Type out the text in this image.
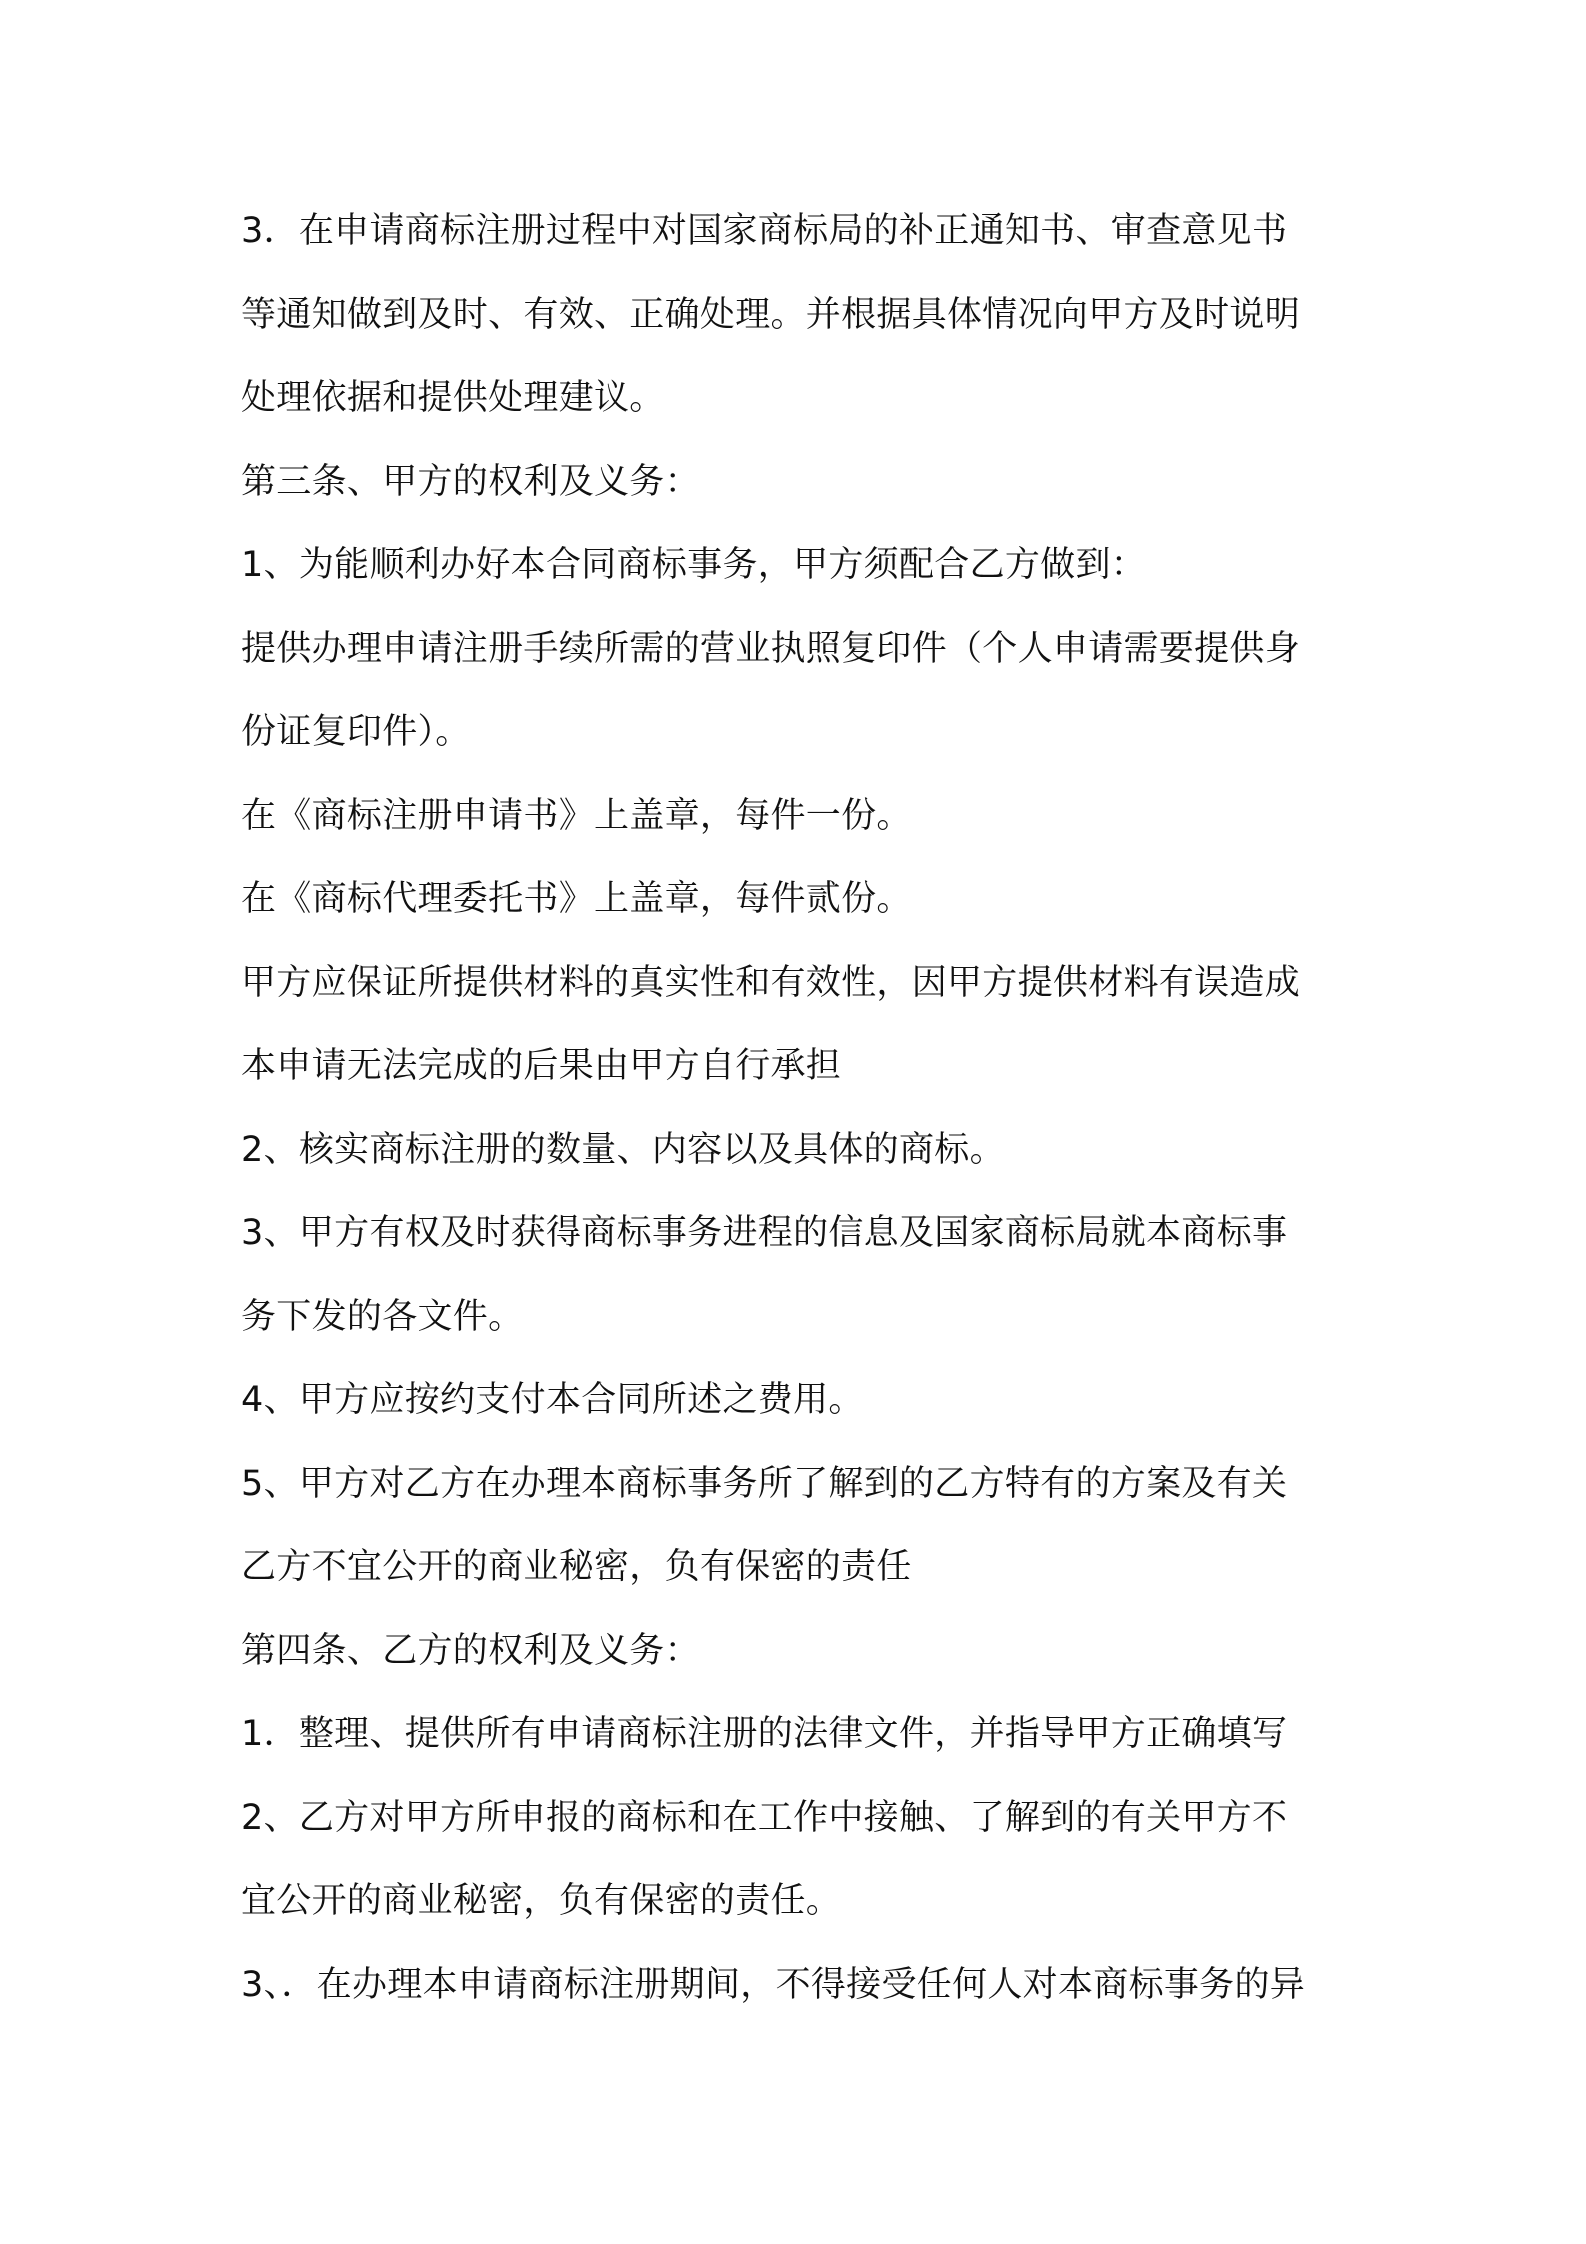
3．在申请商标注册过程中对国家商标局的补正通知书、审查意见书
等通知做到及时、有效、正确处理。并根据具体情况向甲方及时说明
处理依据和提供处理建议。
第三条、甲方的权利及义务：
1、为能顺利办好本合同商标事务，甲方须配合乙方做到：
提供办理申请注册手续所需的营业执照复印件（个人申请需要提供身
份证复印件）。
在《商标注册申请书》上盖章，每件一份。
在《商标代理委托书》上盖章，每件贰份。
甲方应保证所提供材料的真实性和有效性，因甲方提供材料有误造成
本申请无法完成的后果由甲方自行承担
2、核实商标注册的数量、内容以及具体的商标。
3、甲方有权及时获得商标事务进程的信息及国家商标局就本商标事
务下发的各文件。
4、甲方应按约支付本合同所述之费用。
5、甲方对乙方在办理本商标事务所了解到的乙方特有的方案及有关
乙方不宜公开的商业秘密，负有保密的责任
第四条、乙方的权利及义务：
1．整理、提供所有申请商标注册的法律文件，并指导甲方正确填写
2、乙方对甲方所申报的商标和在工作中接触、了解到的有关甲方不
宜公开的商业秘密，负有保密的责任。
3、．在办理本申请商标注册期间，不得接受任何人对本商标事务的异
